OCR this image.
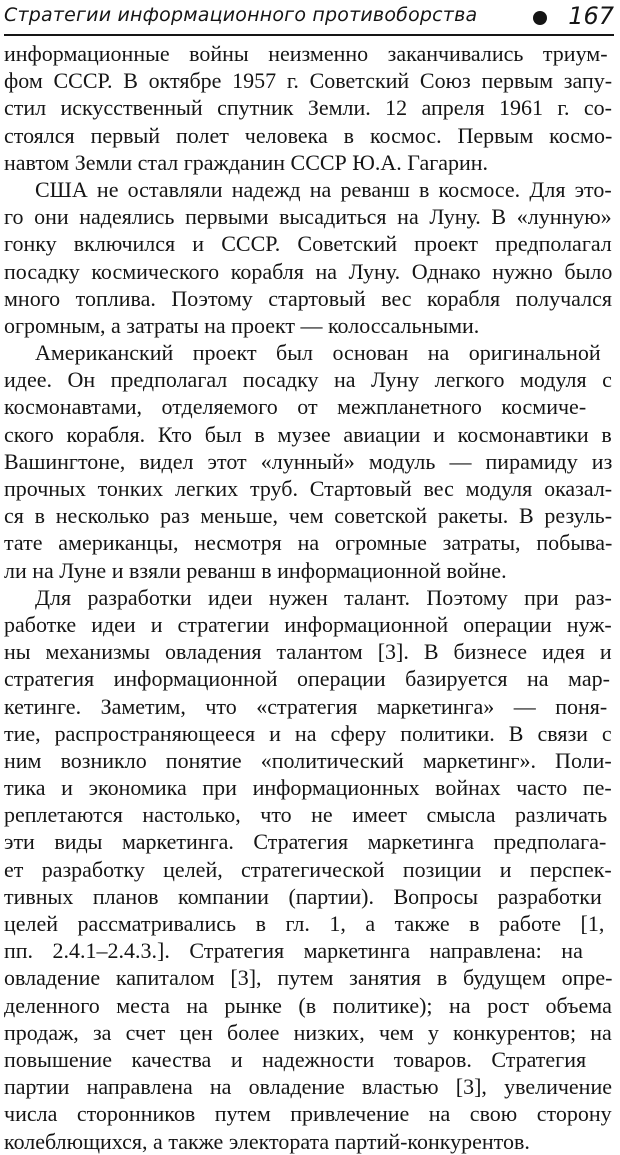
Стратегии информационного противоборства	167
информационные войны неизменно заканчивались триум-
фом СССР. В октябре 1957 г. Советский Союз первым запу-
стил искусственный спутник Земли. 12 апреля 1961 г. со-
стоялся первый полет человека в космос. Первым космо-
навтом Земли стал гражданин СССР Ю.А. Гагарин.
США не оставляли надежд на реванш в космосе. Для это-
го они надеялись первыми высадиться на Луну. В «лунную»
гонку включился и СССР. Советский проект предполагал
посадку космического корабля на Луну. Однако нужно было
много топлива. Поэтому стартовый вес корабля получался
огромным, а затраты на проект — колоссальными.
Американский проект был основан на оригинальной
идее. Он предполагал посадку на Луну легкого модуля с
космонавтами, отделяемого от межпланетного космиче-
ского корабля. Кто был в музее авиации и космонавтики в
Вашингтоне, видел этот «лунный» модуль — пирамиду из
прочных тонких легких труб. Стартовый вес модуля оказал-
ся в несколько раз меньше, чем советской ракеты. В резуль-
тате американцы, несмотря на огромные затраты, побыва-
ли на Луне и взяли реванш в информационной войне.
Для разработки идеи нужен талант. Поэтому при раз-
работке идеи и стратегии информационной операции нуж-
ны механизмы овладения талантом [3]. В бизнесе идея и
стратегия информационной операции базируется на мар-
кетинге. Заметим, что «стратегия маркетинга» — поня-
тие, распространяющееся и на сферу политики. В связи с
ним возникло понятие «политический маркетинг». Поли-
тика и экономика при информационных войнах часто пе-
реплетаются настолько, что не имеет смысла различать
эти виды маркетинга. Стратегия маркетинга предполага-
ет разработку целей, стратегической позиции и перспек-
тивных планов компании (партии). Вопросы разработки
целей рассматривались в гл. 1, а также в работе [1,
пп. 2.4.1–2.4.3.]. Стратегия маркетинга направлена: на
овладение капиталом [3], путем занятия в будущем опре-
деленного места на рынке (в политике); на рост объема
продаж, за счет цен более низких, чем у конкурентов; на
повышение качества и надежности товаров. Стратегия
партии направлена на овладение властью [3], увеличение
числа сторонников путем привлечение на свою сторону
колеблющихся, а также электората партий-конкурентов.
